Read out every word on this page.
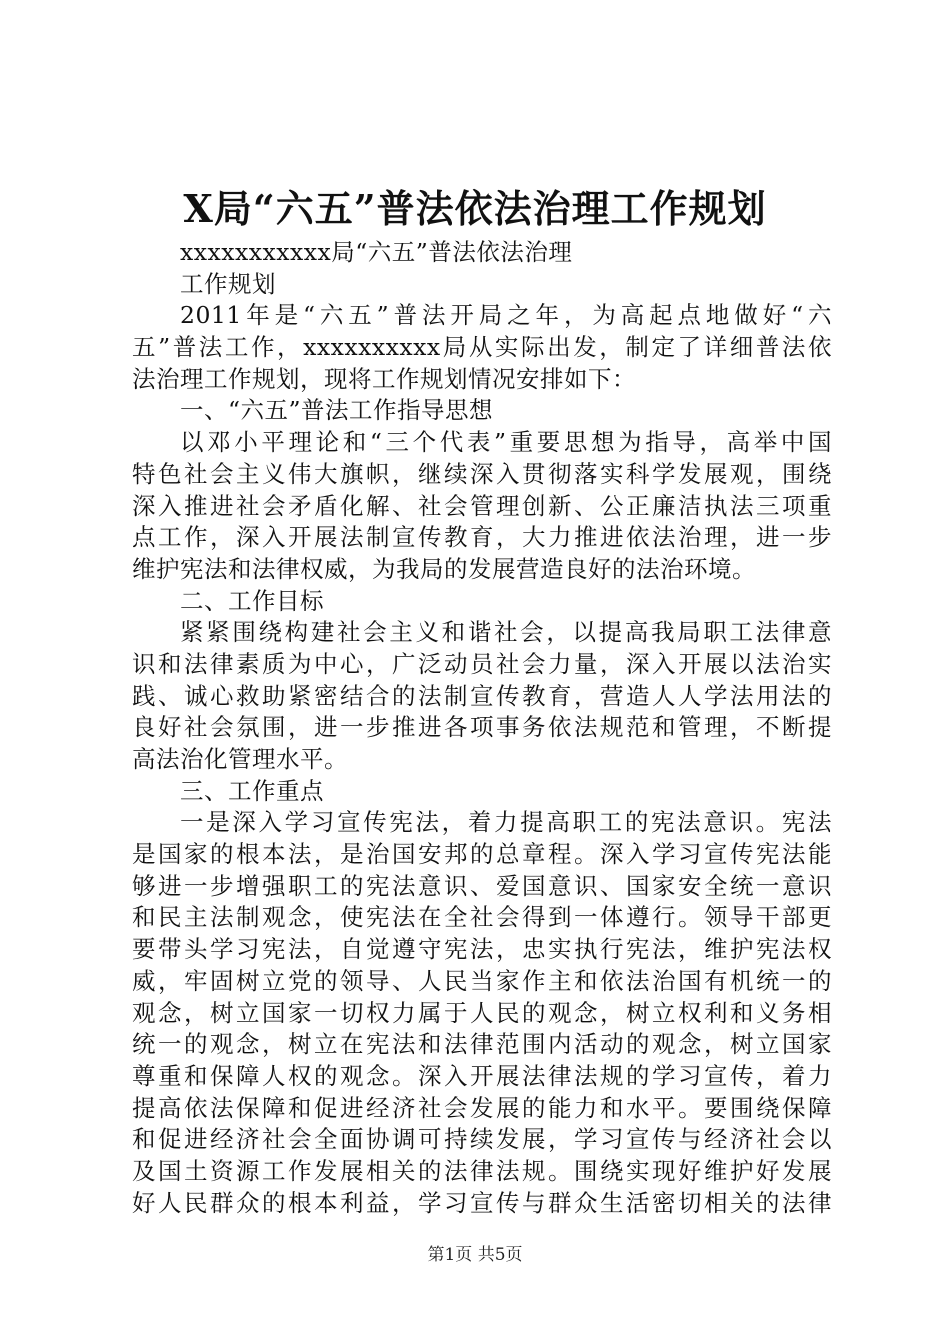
X局“六五”普法依法治理工作规划
xxxxxxxxxxx局“六五”普法依法治理
工作规划
2011年是“六五”普法开局之年，为高起点地做好“六
五”普法工作，xxxxxxxxxx局从实际出发，制定了详细普法依
法治理工作规划，现将工作规划情况安排如下：
一、“六五”普法工作指导思想
以邓小平理论和“三个代表”重要思想为指导，高举中国
特色社会主义伟大旗帜，继续深入贯彻落实科学发展观，围绕
深入推进社会矛盾化解、社会管理创新、公正廉洁执法三项重
点工作，深入开展法制宣传教育，大力推进依法治理，进一步
维护宪法和法律权威，为我局的发展营造良好的法治环境。
二、工作目标
紧紧围绕构建社会主义和谐社会，以提高我局职工法律意
识和法律素质为中心，广泛动员社会力量，深入开展以法治实
践、诚心救助紧密结合的法制宣传教育，营造人人学法用法的
良好社会氛围，进一步推进各项事务依法规范和管理，不断提
高法治化管理水平。
三、工作重点
一是深入学习宣传宪法，着力提高职工的宪法意识。宪法
是国家的根本法，是治国安邦的总章程。深入学习宣传宪法能
够进一步增强职工的宪法意识、爱国意识、国家安全统一意识
和民主法制观念，使宪法在全社会得到一体遵行。领导干部更
要带头学习宪法，自觉遵守宪法，忠实执行宪法，维护宪法权
威，牢固树立党的领导、人民当家作主和依法治国有机统一的
观念，树立国家一切权力属于人民的观念，树立权利和义务相
统一的观念，树立在宪法和法律范围内活动的观念，树立国家
尊重和保障人权的观念。深入开展法律法规的学习宣传，着力
提高依法保障和促进经济社会发展的能力和水平。要围绕保障
和促进经济社会全面协调可持续发展，学习宣传与经济社会以
及国土资源工作发展相关的法律法规。围绕实现好维护好发展
好人民群众的根本利益，学习宣传与群众生活密切相关的法律
第1页 共5页
